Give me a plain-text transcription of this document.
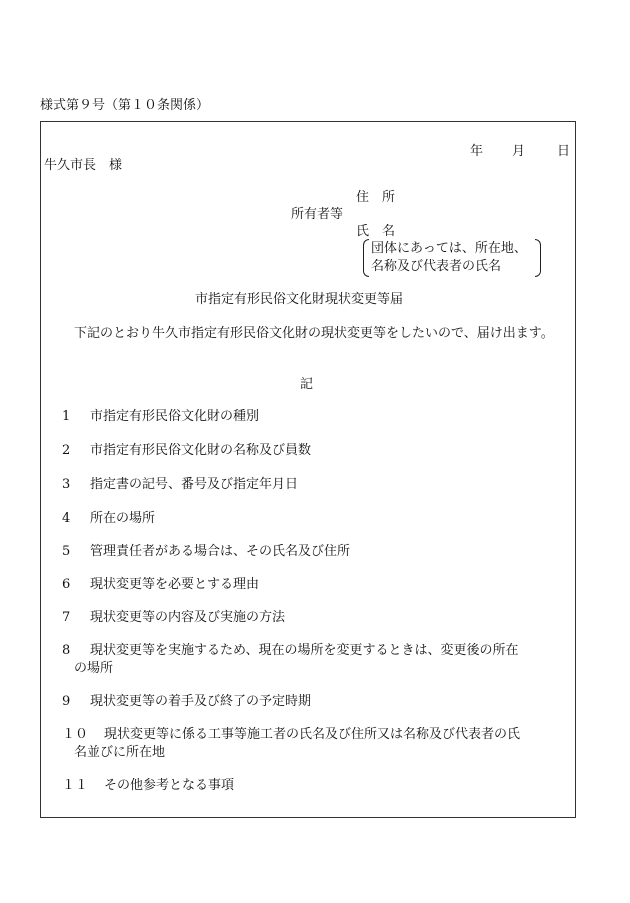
様式第９号（第１０条関係）
年 月 日
牛久市長　様
住　所
所有者等
氏　名
団体にあっては、所在地、
名称及び代表者の氏名
市指定有形民俗文化財現状変更等届
下記のとおり牛久市指定有形民俗文化財の現状変更等をしたいので、届け出ます。
記
1 市指定有形民俗文化財の種別
2 市指定有形民俗文化財の名称及び員数
3 指定書の記号、番号及び指定年月日
4 所在の場所
5 管理責任者がある場合は、その氏名及び住所
6 現状変更等を必要とする理由
7 現状変更等の内容及び実施の方法
8 現状変更等を実施するため、現在の場所を変更するときは、変更後の所在
の場所
9 現状変更等の着手及び終了の予定時期
１０ 現状変更等に係る工事等施工者の氏名及び住所又は名称及び代表者の氏
名並びに所在地
１１ その他参考となる事項
